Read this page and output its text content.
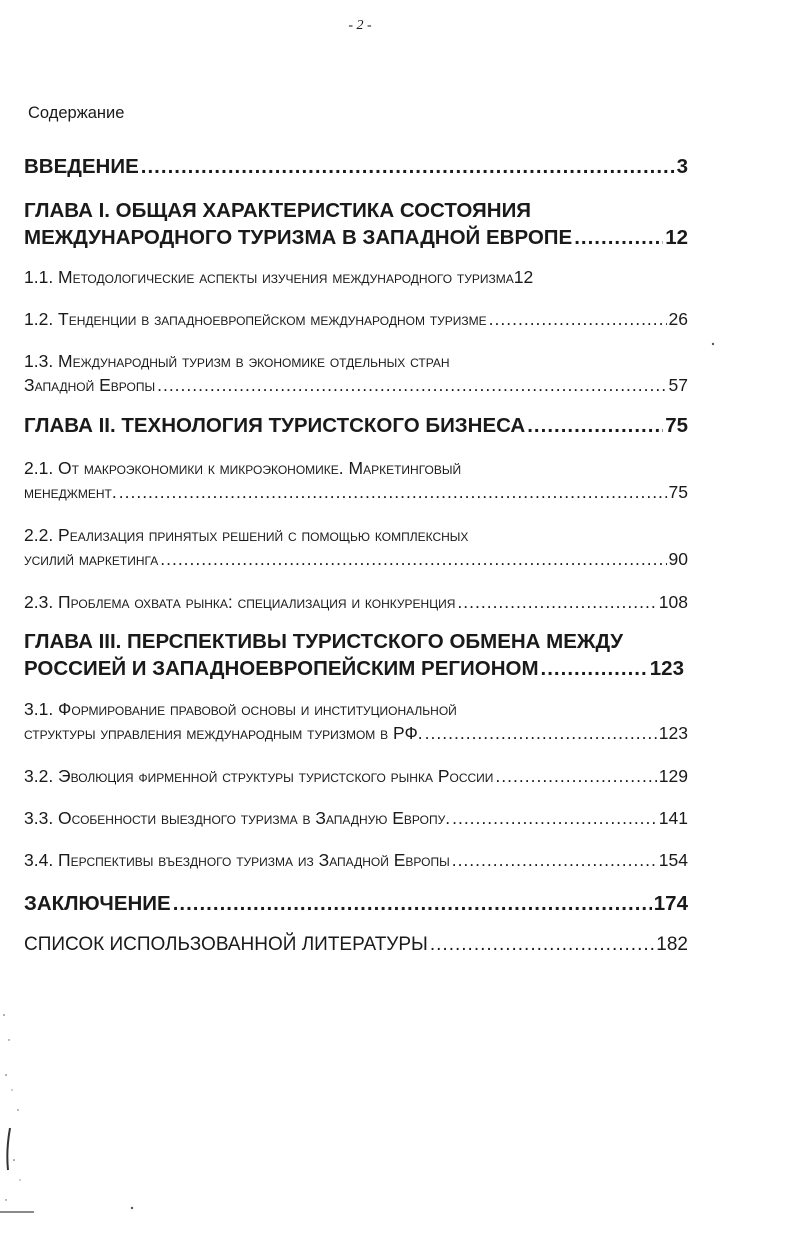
- 2 -
Содержание
ВВЕДЕНИЕ .....	3
ГЛАВА I. ОБЩАЯ ХАРАКТЕРИСТИКА СОСТОЯНИЯ
МЕЖДУНАРОДНОГО ТУРИЗМА В ЗАПАДНОЙ ЕВРОПЕ .....	12
1.1. Методологические аспекты изучения международного туризма 12
1.2. Тенденции в западноевропейском международном туризме .....	26
1.3. Международный туризм в экономике отдельных стран
Западной Европы .....	57
ГЛАВА II. ТЕХНОЛОГИЯ ТУРИСТСКОГО БИЗНЕСА .....	75
2.1. От макроэкономики к микроэкономике. Маркетинговый
менеджмент. .....	75
2.2. Реализация принятых решений с помощью комплексных
усилий маркетинга .....	90
2.3. Проблема охвата рынка: специализация и конкуренция .....	108
ГЛАВА III. ПЕРСПЕКТИВЫ ТУРИСТСКОГО ОБМЕНА МЕЖДУ
РОССИЕЙ И ЗАПАДНОЕВРОПЕЙСКИМ РЕГИОНОМ .....	123
3.1. Формирование правовой основы и институциональной
структуры управления международным туризмом в РФ. .....	123
3.2. Эволюция фирменной структуры туристского рынка России .....	129
3.3. Особенности выездного туризма в Западную Европу. .....	141
3.4. Перспективы въездного туризма из Западной Европы .....	154
ЗАКЛЮЧЕНИЕ .....	174
СПИСОК ИСПОЛЬЗОВАННОЙ ЛИТЕРАТУРЫ .....	182
